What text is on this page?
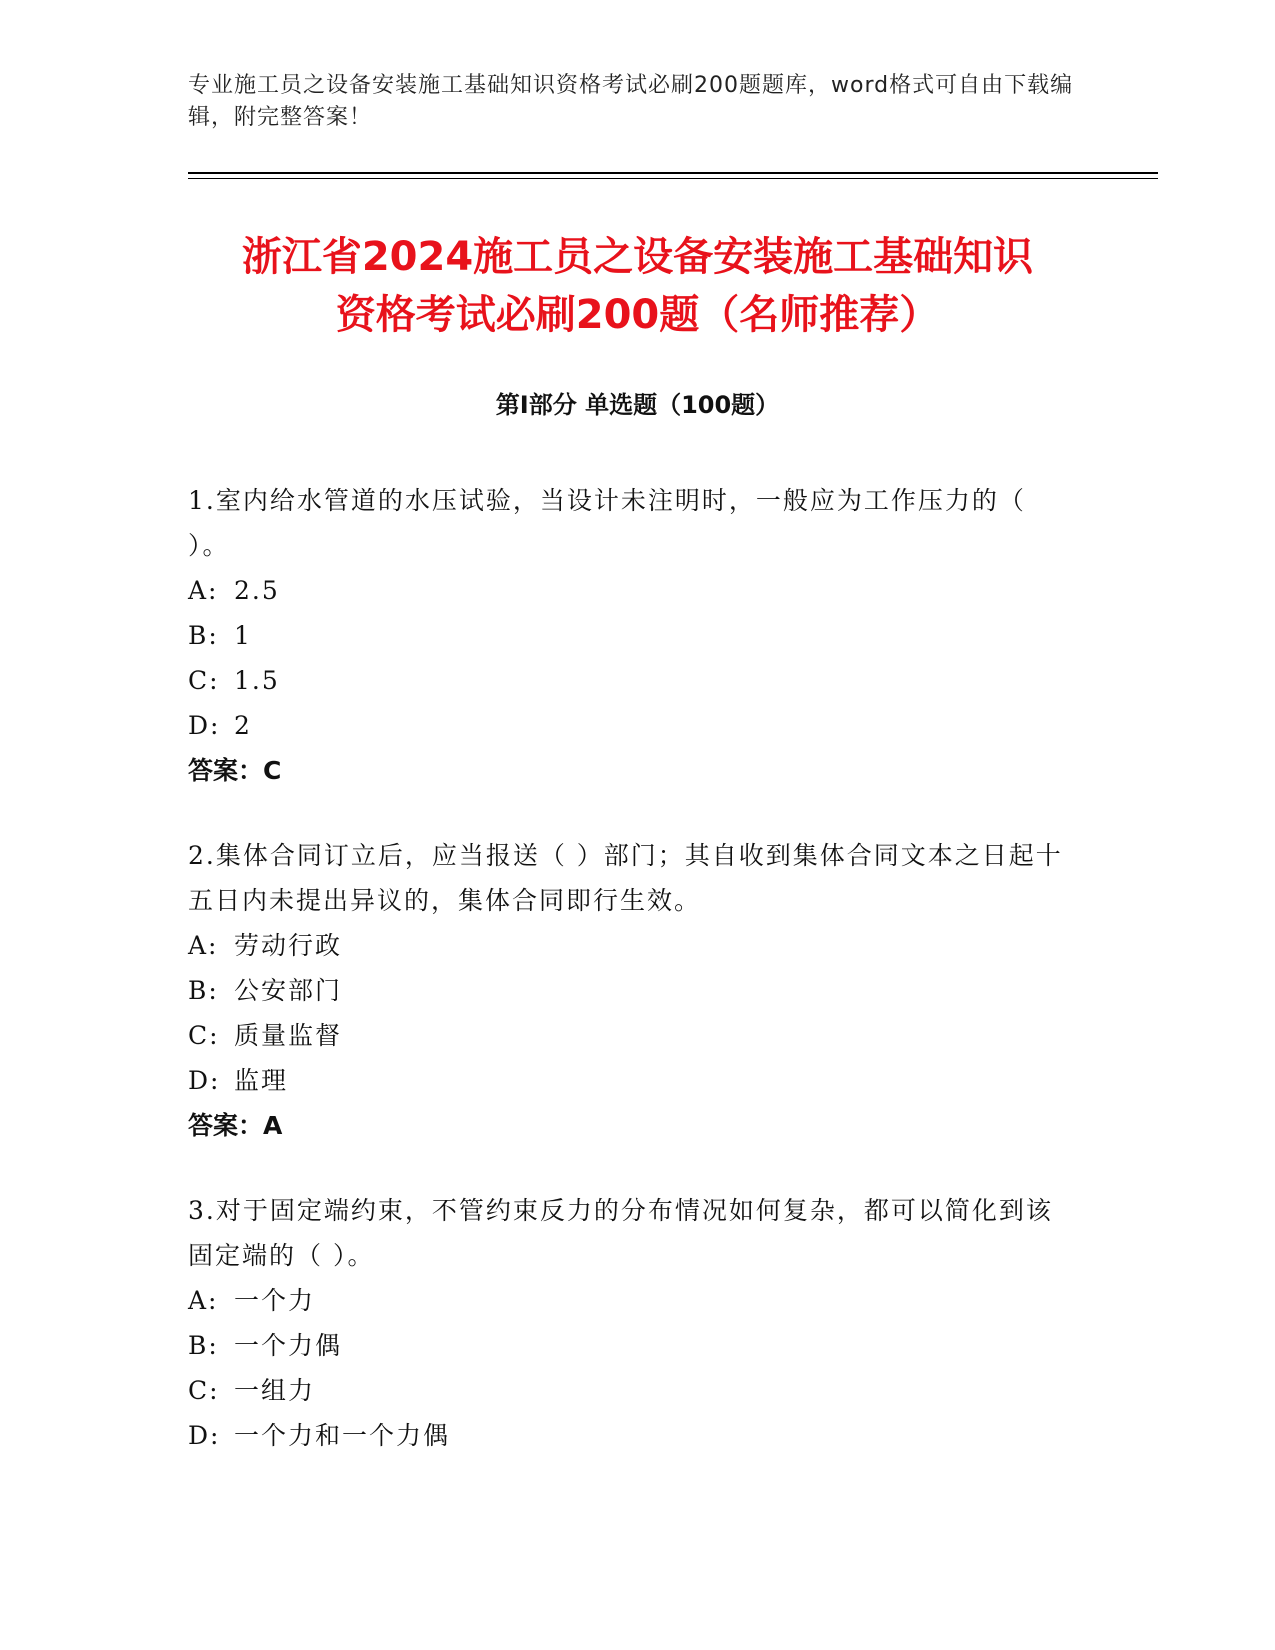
专业施工员之设备安装施工基础知识资格考试必刷200题题库，word格式可自由下载编辑，附完整答案！
浙江省2024施工员之设备安装施工基础知识
资格考试必刷200题（名师推荐）
第Ⅰ部分 单选题（100题）
1.室内给水管道的水压试验，当设计未注明时，一般应为工作压力的（ ）。
A: 2.5
B: 1
C: 1.5
D: 2
答案：C
2.集体合同订立后，应当报送（ ）部门；其自收到集体合同文本之日起十五日内未提出异议的，集体合同即行生效。
A: 劳动行政
B: 公安部门
C: 质量监督
D: 监理
答案：A
3.对于固定端约束，不管约束反力的分布情况如何复杂，都可以简化到该固定端的（ ）。
A: 一个力
B: 一个力偶
C: 一组力
D: 一个力和一个力偶
